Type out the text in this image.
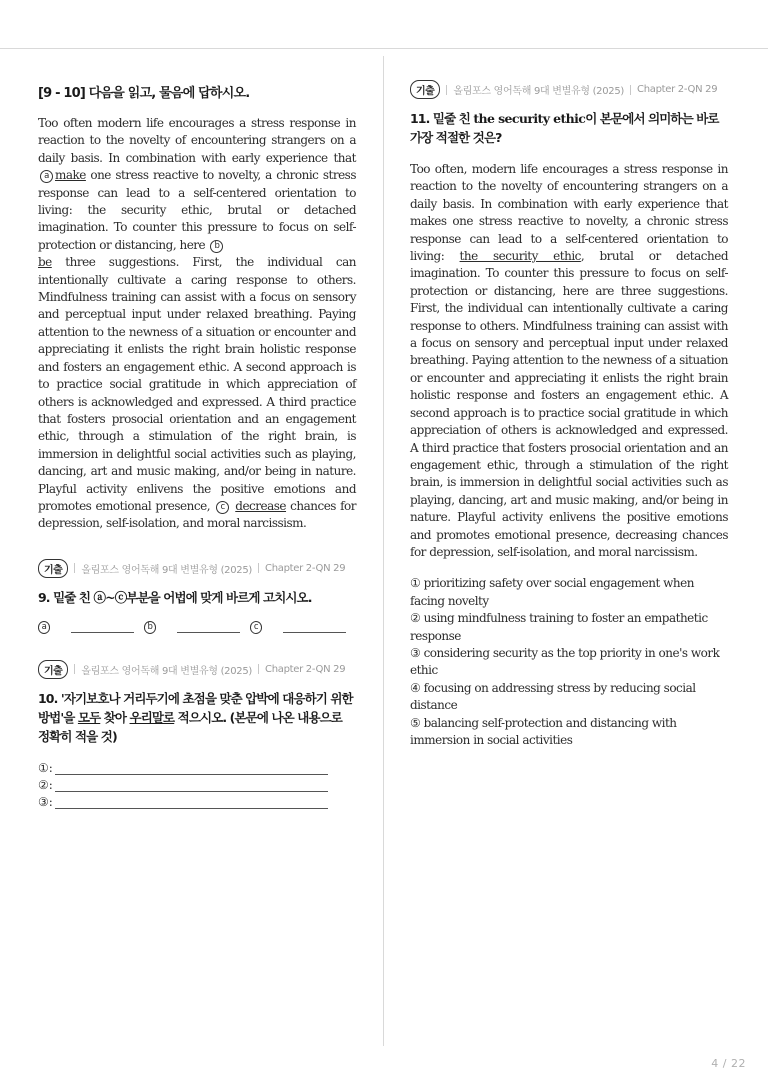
[9 - 10] 다음을 읽고, 물음에 답하시오.

Too often modern life encourages a stress response in reaction to the novelty of encountering strangers on a daily basis. In combination with early experience that a make one stress reactive to novelty, a chronic stress response can lead to a self-centered orientation to living: the security ethic, brutal or detached imagination. To counter this pressure to focus on self-protection or distancing, here b
be three suggestions. First, the individual can intentionally cultivate a caring response to others. Mindfulness training can assist with a focus on sensory and perceptual input under relaxed breathing. Paying attention to the newness of a situation or encounter and appreciating it enlists the right brain holistic response and fosters an engagement ethic. A second approach is to practice social gratitude in which appreciation of others is acknowledged and expressed. A third practice that fosters prosocial orientation and an engagement ethic, through a stimulation of the right brain, is immersion in delightful social activities such as playing, dancing, art and music making, and/or being in nature. Playful activity enlivens the positive emotions and promotes emotional presence, c decrease chances for depression, self-isolation, and moral narcissism.

기출	올림포스 영어독해 9대 변별유형 (2025) Chapter 2-QN 29
9. 밑줄 친 ⓐ~ⓒ부분을 어법에 맞게 바르게 고치시오.
a	b	c
기출	올림포스 영어독해 9대 변별유형 (2025) Chapter 2-QN 29
10. '자기보호나 거리두기에 초점을 맞춘 압박에 대응하기 위한 방법'을 모두 찾아 우리말로 적으시오. (본문에 나온 내용으로 정확히 적을 것)
①:
②:
③:
기출	올림포스 영어독해 9대 변별유형 (2025) Chapter 2-QN 29
11. 밑줄 친 the security ethic이 본문에서 의미하는 바로 가장 적절한 것은?

Too often, modern life encourages a stress response in reaction to the novelty of encountering strangers on a daily basis. In combination with early experience that makes one stress reactive to novelty, a chronic stress response can lead to a self-centered orientation to living: the security ethic, brutal or detached imagination. To counter this pressure to focus on self-protection or distancing, here are three suggestions. First, the individual can intentionally cultivate a caring response to others. Mindfulness training can assist with a focus on sensory and perceptual input under relaxed breathing. Paying attention to the newness of a situation or encounter and appreciating it enlists the right brain holistic response and fosters an engagement ethic. A second approach is to practice social gratitude in which appreciation of others is acknowledged and expressed. A third practice that fosters prosocial orientation and an engagement ethic, through a stimulation of the right brain, is immersion in delightful social activities such as playing, dancing, art and music making, and/or being in nature. Playful activity enlivens the positive emotions and promotes emotional presence, decreasing chances for depression, self-isolation, and moral narcissism.

① prioritizing safety over social engagement when facing novelty
② using mindfulness training to foster an empathetic response
③ considering security as the top priority in one's work ethic
④ focusing on addressing stress by reducing social distance
⑤ balancing self-protection and distancing with immersion in social activities
4 / 22
